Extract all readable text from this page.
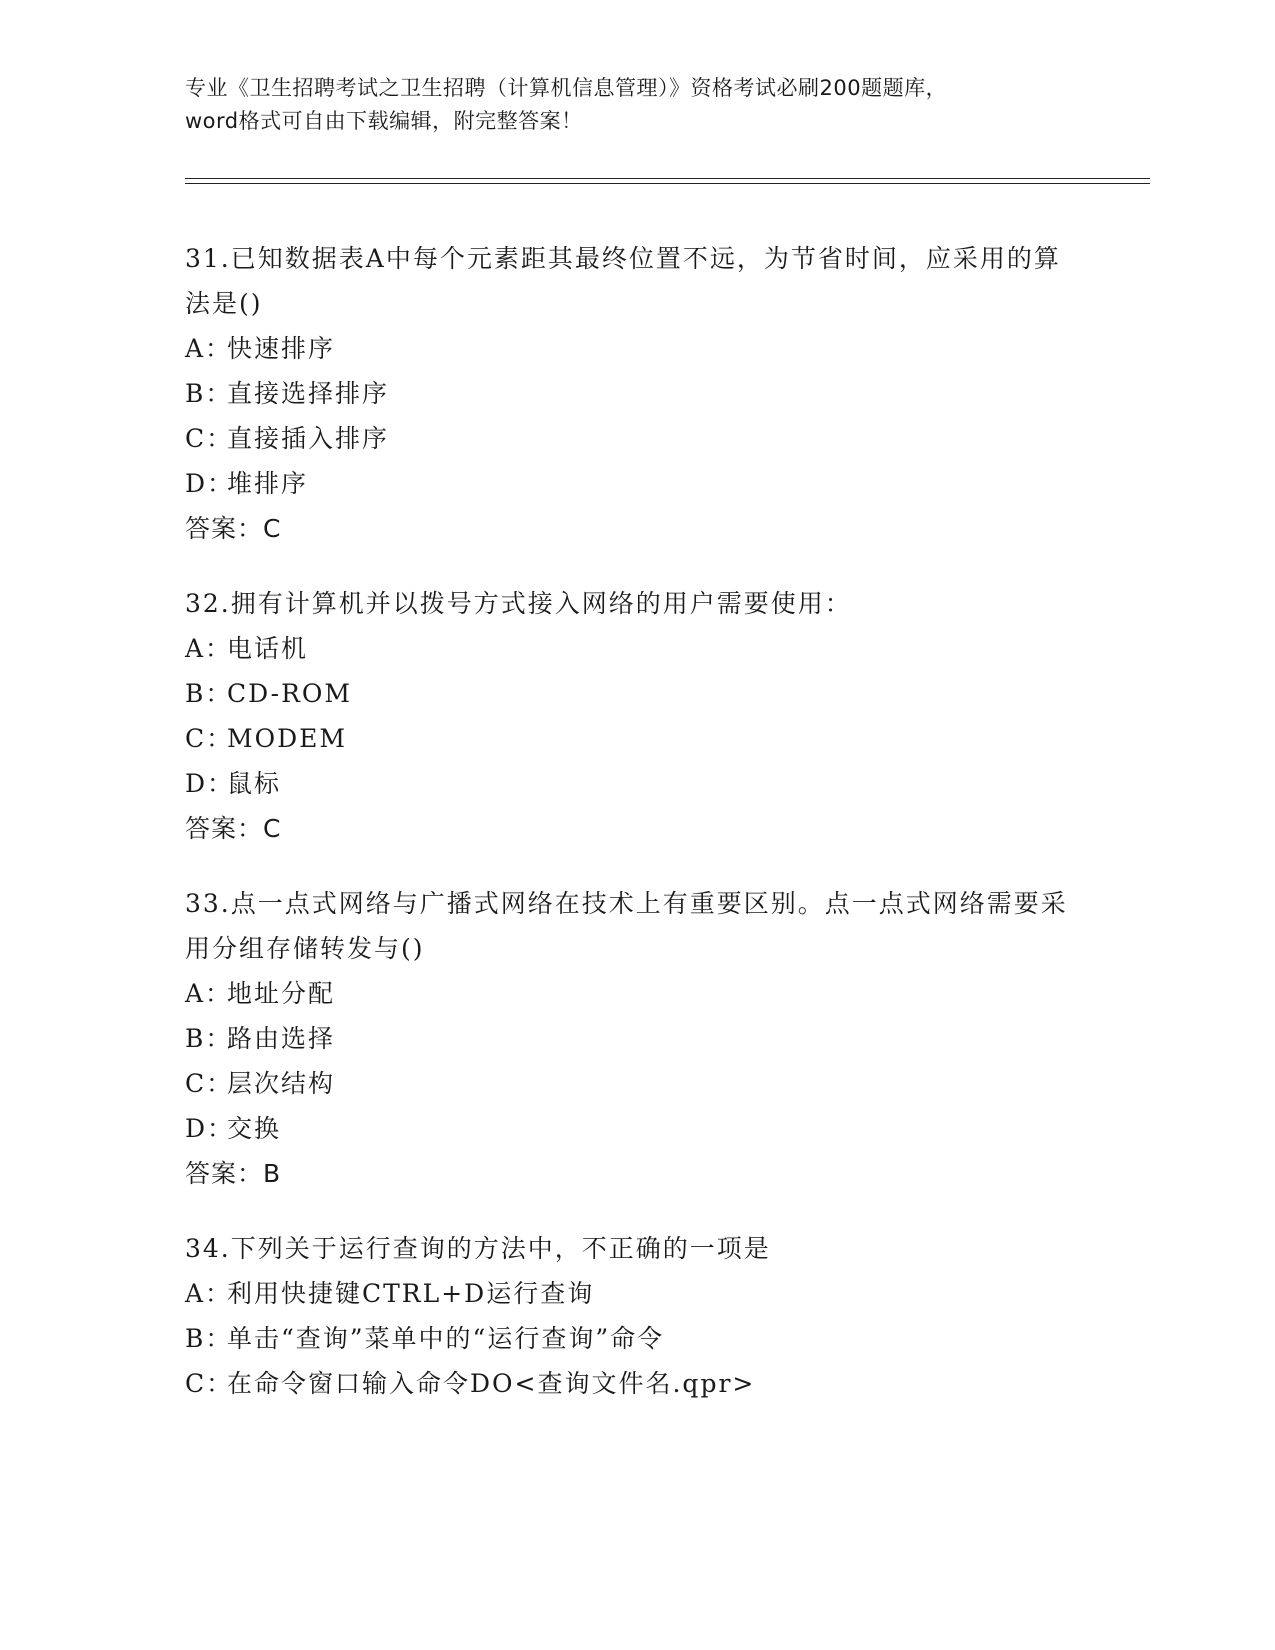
专业《卫生招聘考试之卫生招聘（计算机信息管理）》资格考试必刷200题题库，
word格式可自由下载编辑，附完整答案！
31.已知数据表A中每个元素距其最终位置不远，为节省时间，应采用的算法是()
A：快速排序
B：直接选择排序
C：直接插入排序
D：堆排序
答案：C
32.拥有计算机并以拨号方式接入网络的用户需要使用：
A：电话机
B：CD-ROM
C：MODEM
D：鼠标
答案：C
33.点一点式网络与广播式网络在技术上有重要区别。点一点式网络需要采用分组存储转发与()
A：地址分配
B：路由选择
C：层次结构
D：交换
答案：B
34.下列关于运行查询的方法中，不正确的一项是
A：利用快捷键CTRL+D运行查询
B：单击“查询”菜单中的“运行查询”命令
C：在命令窗口输入命令DO<查询文件名.qpr>
